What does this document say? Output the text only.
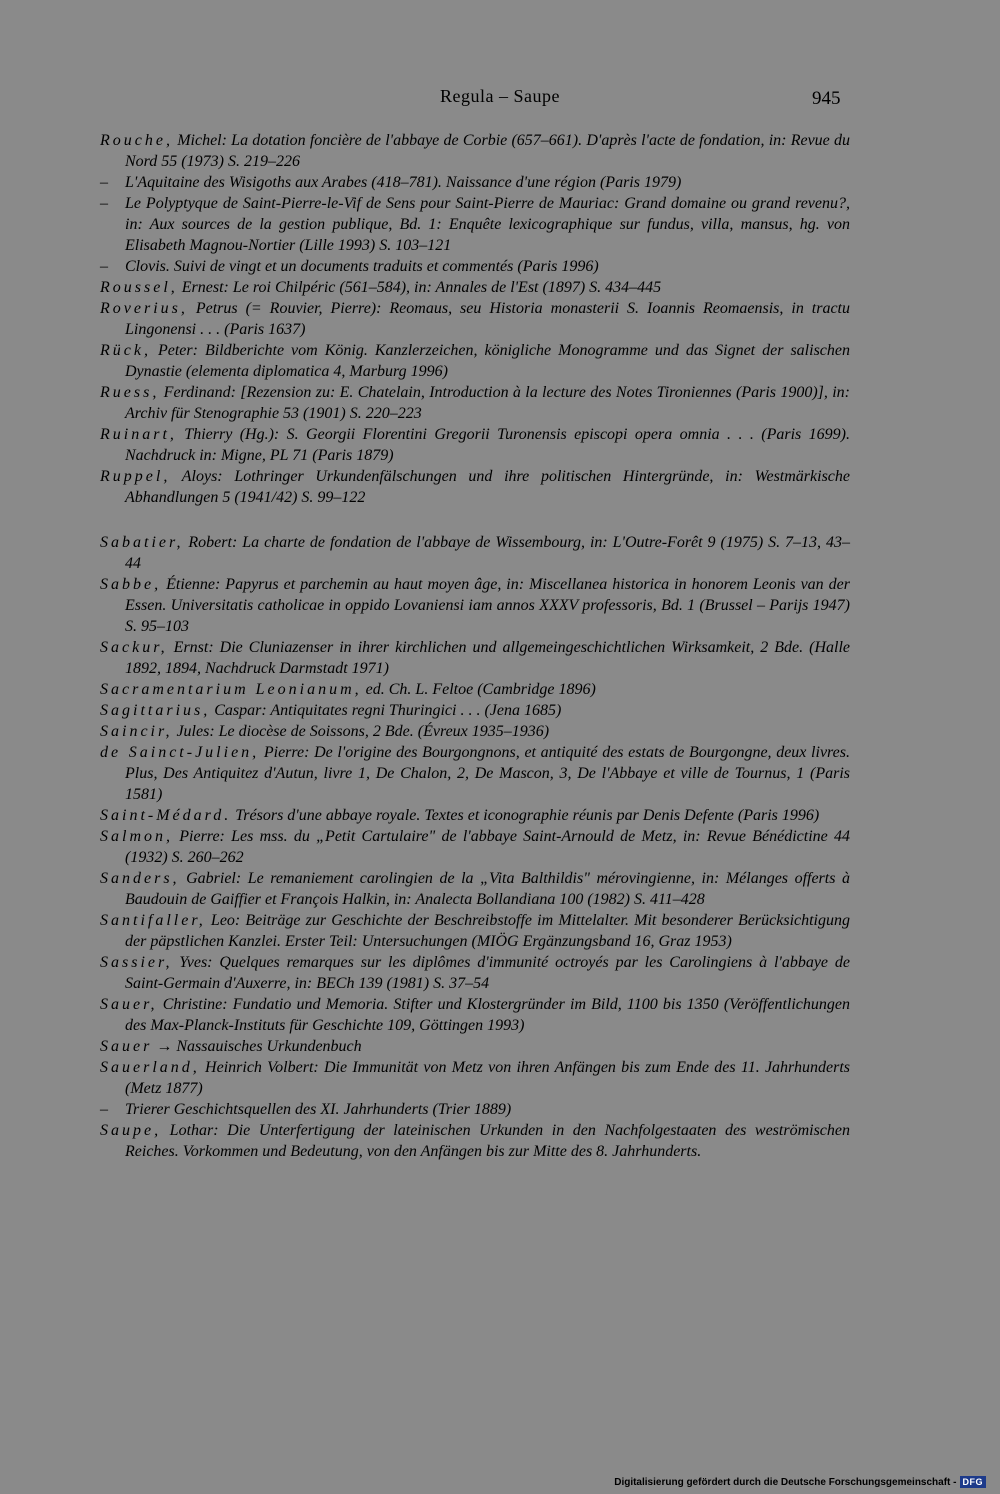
Regula – Saupe	945

Rouche, Michel: La dotation foncière de l'abbaye de Corbie (657–661). D'après l'acte de fondation, in: Revue du Nord 55 (1973) S. 219–226

– L'Aquitaine des Wisigoths aux Arabes (418–781). Naissance d'une région (Paris 1979)

– Le Polyptyque de Saint-Pierre-le-Vif de Sens pour Saint-Pierre de Mauriac: Grand domaine ou grand revenu?, in: Aux sources de la gestion publique, Bd. 1: Enquête lexicographique sur fundus, villa, mansus, hg. von Elisabeth Magnou-Nortier (Lille 1993) S. 103–121

– Clovis. Suivi de vingt et un documents traduits et commentés (Paris 1996)

Roussel, Ernest: Le roi Chilpéric (561–584), in: Annales de l'Est (1897) S. 434–445

Roverius, Petrus (= Rouvier, Pierre): Reomaus, seu Historia monasterii S. Ioannis Reomaensis, in tractu Lingonensi . . . (Paris 1637)

Rück, Peter: Bildberichte vom König. Kanzlerzeichen, königliche Monogramme und das Signet der salischen Dynastie (elementa diplomatica 4, Marburg 1996)

Ruess, Ferdinand: [Rezension zu: E. Chatelain, Introduction à la lecture des Notes Tironiennes (Paris 1900)], in: Archiv für Stenographie 53 (1901) S. 220–223

Ruinart, Thierry (Hg.): S. Georgii Florentini Gregorii Turonensis episcopi opera omnia . . . (Paris 1699). Nachdruck in: Migne, PL 71 (Paris 1879)

Ruppel, Aloys: Lothringer Urkundenfälschungen und ihre politischen Hintergründe, in: Westmärkische Abhandlungen 5 (1941/42) S. 99–122

Sabatier, Robert: La charte de fondation de l'abbaye de Wissembourg, in: L'Outre-Forêt 9 (1975) S. 7–13, 43–44

Sabbe, Étienne: Papyrus et parchemin au haut moyen âge, in: Miscellanea historica in honorem Leonis van der Essen. Universitatis catholicae in oppido Lovaniensi iam annos XXXV professoris, Bd. 1 (Brussel – Parijs 1947) S. 95–103

Sackur, Ernst: Die Cluniazenser in ihrer kirchlichen und allgemeingeschichtlichen Wirksamkeit, 2 Bde. (Halle 1892, 1894, Nachdruck Darmstadt 1971)

Sacramentarium Leonianum, ed. Ch. L. Feltoe (Cambridge 1896)

Sagittarius, Caspar: Antiquitates regni Thuringici . . . (Jena 1685)

Saincir, Jules: Le diocèse de Soissons, 2 Bde. (Évreux 1935–1936)

de Sainct-Julien, Pierre: De l'origine des Bourgongnons, et antiquité des estats de Bourgongne, deux livres. Plus, Des Antiquitez d'Autun, livre 1, De Chalon, 2, De Mascon, 3, De l'Abbaye et ville de Tournus, 1 (Paris 1581)

Saint-Médard. Trésors d'une abbaye royale. Textes et iconographie réunis par Denis Defente (Paris 1996)

Salmon, Pierre: Les mss. du „Petit Cartulaire" de l'abbaye Saint-Arnould de Metz, in: Revue Bénédictine 44 (1932) S. 260–262

Sanders, Gabriel: Le remaniement carolingien de la „Vita Balthildis" mérovingienne, in: Mélanges offerts à Baudouin de Gaiffier et François Halkin, in: Analecta Bollandiana 100 (1982) S. 411–428

Santifaller, Leo: Beiträge zur Geschichte der Beschreibstoffe im Mittelalter. Mit besonderer Berücksichtigung der päpstlichen Kanzlei. Erster Teil: Untersuchungen (MIÖG Ergänzungsband 16, Graz 1953)

Sassier, Yves: Quelques remarques sur les diplômes d'immunité octroyés par les Carolingiens à l'abbaye de Saint-Germain d'Auxerre, in: BECh 139 (1981) S. 37–54

Sauer, Christine: Fundatio und Memoria. Stifter und Klostergründer im Bild, 1100 bis 1350 (Veröffentlichungen des Max-Planck-Instituts für Geschichte 109, Göttingen 1993)

Sauer → Nassauisches Urkundenbuch

Sauerland, Heinrich Volbert: Die Immunität von Metz von ihren Anfängen bis zum Ende des 11. Jahrhunderts (Metz 1877)

– Trierer Geschichtsquellen des XI. Jahrhunderts (Trier 1889)

Saupe, Lothar: Die Unterfertigung der lateinischen Urkunden in den Nachfolgestaaten des weströmischen Reiches. Vorkommen und Bedeutung, von den Anfängen bis zur Mitte des 8. Jahrhunderts.

Digitalisierung gefördert durch die Deutsche Forschungsgemeinschaft - DFG
